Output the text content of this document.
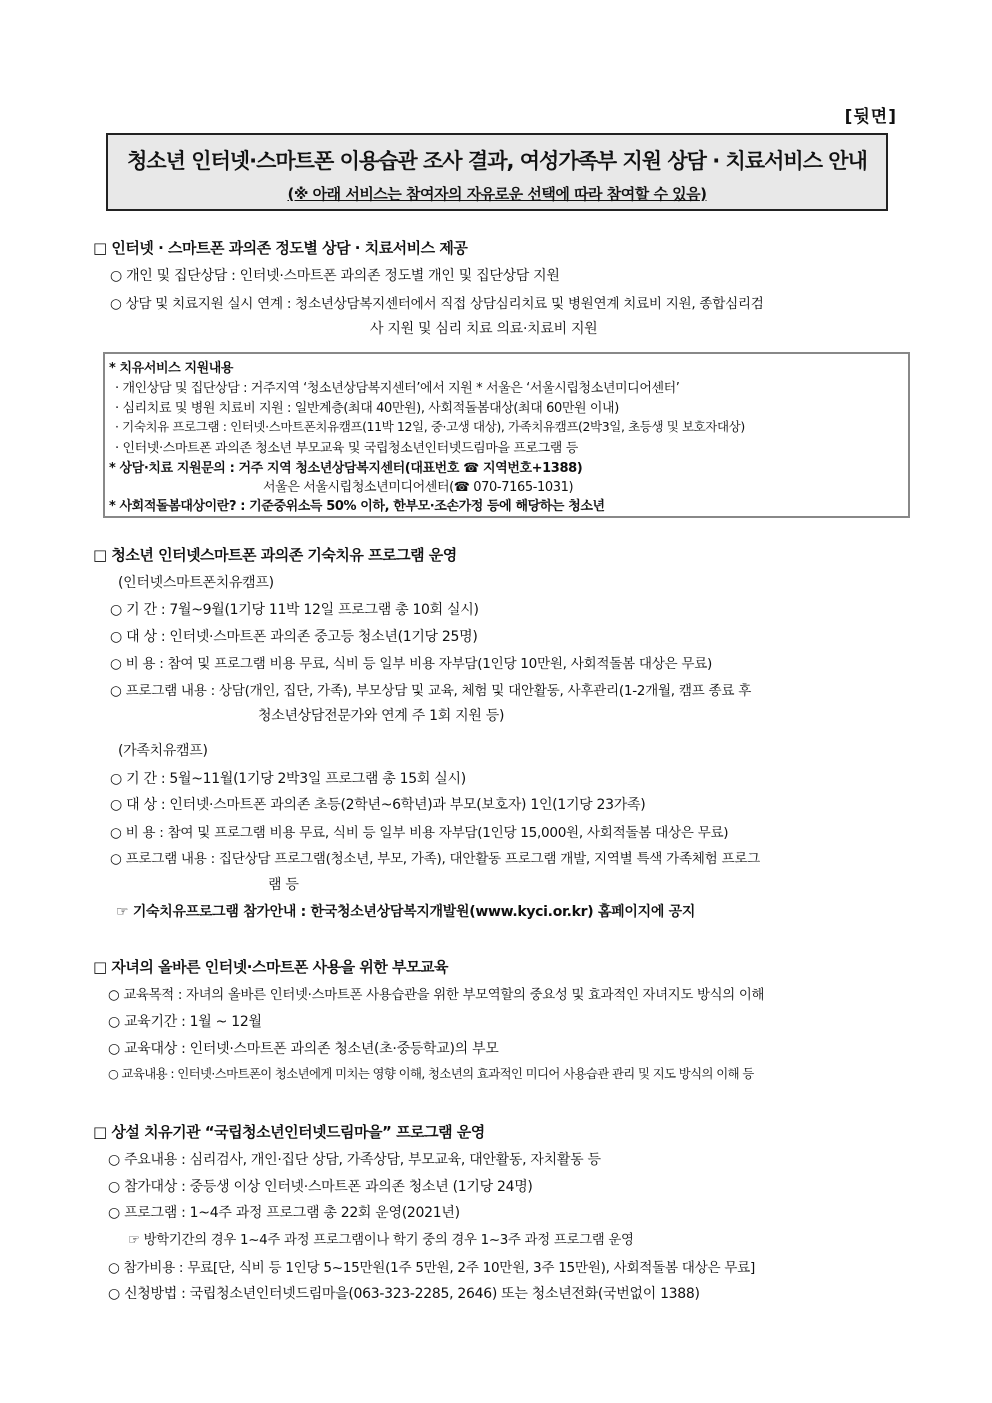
[뒷면]
청소년 인터넷·스마트폰 이용습관 조사 결과, 여성가족부 지원 상담 · 치료서비스 안내
(※ 아래 서비스는 참여자의 자유로운 선택에 따라 참여할 수 있음)
□ 인터넷 · 스마트폰 과의존 정도별 상담 · 치료서비스 제공
○ 개인 및 집단상담 : 인터넷·스마트폰 과의존 정도별 개인 및 집단상담 지원
○ 상담 및 치료지원 실시 연계 : 청소년상담복지센터에서 직접 상담심리치료 및 병원연계 치료비 지원, 종합심리검
사 지원 및 심리 치료 의료·치료비 지원
* 치유서비스 지원내용
· 개인상담 및 집단상담 : 거주지역 ‘청소년상담복지센터’에서 지원 * 서울은 ‘서울시립청소년미디어센터’
· 심리치료 및 병원 치료비 지원 : 일반계층(최대 40만원), 사회적돌봄대상(최대 60만원 이내)
· 기숙치유 프로그램 : 인터넷·스마트폰치유캠프(11박 12일, 중·고생 대상), 가족치유캠프(2박3일, 초등생 및 보호자대상)
· 인터넷·스마트폰 과의존 청소년 부모교육 및 국립청소년인터넷드림마을 프로그램 등
* 상담·치료 지원문의 : 거주 지역 청소년상담복지센터(대표번호 ☎ 지역번호+1388)
서울은 서울시립청소년미디어센터(☎ 070-7165-1031)
* 사회적돌봄대상이란? : 기준중위소득 50% 이하, 한부모·조손가정 등에 해당하는 청소년
□ 청소년 인터넷스마트폰 과의존 기숙치유 프로그램 운영
(인터넷스마트폰치유캠프)
○ 기 간 : 7월~9월(1기당 11박 12일 프로그램 총 10회 실시)
○ 대 상 : 인터넷·스마트폰 과의존 중고등 청소년(1기당 25명)
○ 비 용 : 참여 및 프로그램 비용 무료, 식비 등 일부 비용 자부담(1인당 10만원, 사회적돌봄 대상은 무료)
○ 프로그램 내용 : 상담(개인, 집단, 가족), 부모상담 및 교육, 체험 및 대안활동, 사후관리(1-2개월, 캠프 종료 후
청소년상담전문가와 연계 주 1회 지원 등)
(가족치유캠프)
○ 기 간 : 5월~11월(1기당 2박3일 프로그램 총 15회 실시)
○ 대 상 : 인터넷·스마트폰 과의존 초등(2학년~6학년)과 부모(보호자) 1인(1기당 23가족)
○ 비 용 : 참여 및 프로그램 비용 무료, 식비 등 일부 비용 자부담(1인당 15,000원, 사회적돌봄 대상은 무료)
○ 프로그램 내용 : 집단상담 프로그램(청소년, 부모, 가족), 대안활동 프로그램 개발, 지역별 특색 가족체험 프로그
램 등
☞ 기숙치유프로그램 참가안내 : 한국청소년상담복지개발원(www.kyci.or.kr) 홈페이지에 공지
□ 자녀의 올바른 인터넷·스마트폰 사용을 위한 부모교육
○ 교육목적 : 자녀의 올바른 인터넷·스마트폰 사용습관을 위한 부모역할의 중요성 및 효과적인 자녀지도 방식의 이해
○ 교육기간 : 1월 ~ 12월
○ 교육대상 : 인터넷·스마트폰 과의존 청소년(초·중등학교)의 부모
○ 교육내용 : 인터넷·스마트폰이 청소년에게 미치는 영향 이해, 청소년의 효과적인 미디어 사용습관 관리 및 지도 방식의 이해 등
□ 상설 치유기관 “국립청소년인터넷드림마을” 프로그램 운영
○ 주요내용 : 심리검사, 개인·집단 상담, 가족상담, 부모교육, 대안활동, 자치활동 등
○ 참가대상 : 중등생 이상 인터넷·스마트폰 과의존 청소년 (1기당 24명)
○ 프로그램 : 1~4주 과정 프로그램 총 22회 운영(2021년)
☞ 방학기간의 경우 1~4주 과정 프로그램이나 학기 중의 경우 1~3주 과정 프로그램 운영
○ 참가비용 : 무료[단, 식비 등 1인당 5~15만원(1주 5만원, 2주 10만원, 3주 15만원), 사회적돌봄 대상은 무료]
○ 신청방법 : 국립청소년인터넷드림마을(063-323-2285, 2646) 또는 청소년전화(국번없이 1388)
